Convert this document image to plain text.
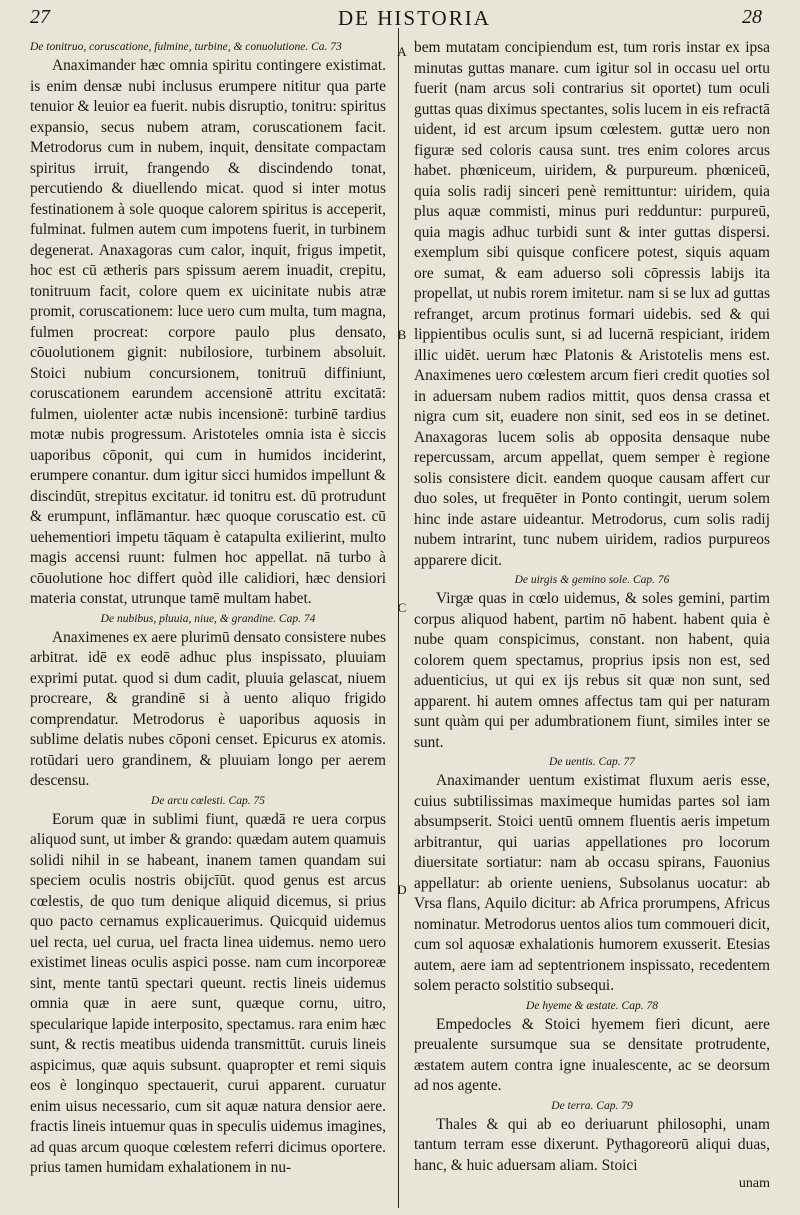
27	DE HISTORIA	28
A
B
C
D
De tonitruo, coruscatione, fulmine, turbine, & conuolutione. Ca. 73

Anaximander hæc omnia spiritu contingere existimat. is enim densæ nubi inclusus erumpere nititur qua parte tenuior & leuior ea fuerit. nubis disruptio, tonitru: spiritus expansio, secus nubem atram, coruscationem facit. Metrodorus cum in nubem, inquit, densitate compactam spiritus irruit, frangendo & discindendo tonat, percutiendo & diuellendo micat. quod si inter motus festinationem à sole quoque calorem spiritus is acceperit, fulminat. fulmen autem cum impotens fuerit, in turbinem degenerat. Anaxagoras cum calor, inquit, frigus impetit, hoc est cū ætheris pars spissum aerem inuadit, crepitu, tonitruum facit, colore quem ex uicinitate nubis atræ promit, coruscationem: luce uero cum multa, tum magna, fulmen procreat: corpore paulo plus densato, cōuolutionem gignit: nubilosiore, turbinem absoluit. Stoici nubium concursionem, tonitruū diffiniunt, coruscationem earundem accensionē attritu excitatā: fulmen, uiolenter actæ nubis incensionē: turbinē tardius motæ nubis progressum. Aristoteles omnia ista è siccis uaporibus cōponit, qui cum in humidos inciderint, erumpere conantur. dum igitur sicci humidos impellunt & discindūt, strepitus excitatur. id tonitru est. dū protrudunt & erumpunt, inflāmantur. hæc quoque coruscatio est. cū uehementiori impetu tāquam è catapulta exilierint, multo magis accensi ruunt: fulmen hoc appellat. nā turbo à cōuolutione hoc differt quòd ille calidiori, hæc densiori materia constat, utrunque tamē multam habet.

De nubibus, pluuia, niue, & grandine. Cap. 74

Anaximenes ex aere plurimū densato consistere nubes arbitrat. idē ex eodē adhuc plus inspissato, pluuiam exprimi putat. quod si dum cadit, pluuia gelascat, niuem procreare, & grandinē si à uento aliquo frigido comprendatur. Metrodorus è uaporibus aquosis in sublime delatis nubes cōponi censet. Epicurus ex atomis. rotūdari uero grandinem, & pluuiam longo per aerem descensu.

De arcu cœlesti. Cap. 75

Eorum quæ in sublimi fiunt, quædā re uera corpus aliquod sunt, ut imber & grando: quædam autem quamuis solidi nihil in se habeant, inanem tamen quandam sui speciem oculis nostris obijcīūt. quod genus est arcus cœlestis, de quo tum denique aliquid dicemus, si prius quo pacto cernamus explicauerimus. Quicquid uidemus uel recta, uel curua, uel fracta linea uidemus. nemo uero existimet lineas oculis aspici posse. nam cum incorporeæ sint, mente tantū spectari queunt. rectis lineis uidemus omnia quæ in aere sunt, quæque cornu, uitro, specularique lapide interposito, spectamus. rara enim hæc sunt, & rectis meatibus uidenda transmittūt. curuis lineis aspicimus, quæ aquis subsunt. quapropter et remi siquis eos è longinquo spectauerit, curui apparent. curuatur enim uisus necessario, cum sit aquæ natura densior aere. fractis lineis intuemur quas in speculis uidemus imagines, ad quas arcum quoque cœlestem referri dicimus oportere. prius tamen humidam exhalationem in nu-

bem mutatam concipiendum est, tum roris instar ex ipsa minutas guttas manare. cum igitur sol in occasu uel ortu fuerit (nam arcus soli contrarius sit oportet) tum oculi guttas quas diximus spectantes, solis lucem in eis refractā uident, id est arcum ipsum cœlestem. guttæ uero non figuræ sed coloris causa sunt. tres enim colores arcus habet. phœniceum, uiridem, & purpureum. phœniceū, quia solis radij sinceri penè remittuntur: uiridem, quia plus aquæ commisti, minus puri redduntur: purpureū, quia magis adhuc turbidi sunt & inter guttas dispersi. exemplum sibi quisque conficere potest, siquis aquam ore sumat, & eam aduerso soli cōpressis labijs ita propellat, ut nubis rorem imitetur. nam si se lux ad guttas refranget, arcum protinus formari uidebis. sed & qui lippientibus oculis sunt, si ad lucernā respiciant, iridem illic uidēt. uerum hæc Platonis & Aristotelis mens est. Anaximenes uero cœlestem arcum fieri credit quoties sol in aduersam nubem radios mittit, quos densa crassa et nigra cum sit, euadere non sinit, sed eos in se detinet. Anaxagoras lucem solis ab opposita densaque nube repercussam, arcum appellat, quem semper è regione solis consistere dicit. eandem quoque causam affert cur duo soles, ut frequēter in Ponto contingit, uerum solem hinc inde astare uideantur. Metrodorus, cum solis radij nubem intrarint, tunc nubem uiridem, radios purpureos apparere dicit.

De uirgis & gemino sole. Cap. 76

Virgæ quas in cœlo uidemus, & soles gemini, partim corpus aliquod habent, partim nō habent. habent quia è nube quam conspicimus, constant. non habent, quia colorem quem spectamus, proprius ipsis non est, sed aduenticius, ut qui ex ijs rebus sit quæ non sunt, sed apparent. hi autem omnes affectus tam qui per naturam sunt quàm qui per adumbrationem fiunt, similes inter se sunt.

De uentis. Cap. 77

Anaximander uentum existimat fluxum aeris esse, cuius subtilissimas maximeque humidas partes sol iam absumpserit. Stoici uentū omnem fluentis aeris impetum arbitrantur, qui uarias appellationes pro locorum diuersitate sortiatur: nam ab occasu spirans, Fauonius appellatur: ab oriente ueniens, Subsolanus uocatur: ab Vrsa flans, Aquilo dicitur: ab Africa prorumpens, Africus nominatur. Metrodorus uentos alios tum commoueri dicit, cum sol aquosæ exhalationis humorem exusserit. Etesias autem, aere iam ad septentrionem inspissato, recedentem solem peracto solstitio subsequi.

De hyeme & æstate. Cap. 78

Empedocles & Stoici hyemem fieri dicunt, aere preualente sursumque sua se densitate protrudente, æstatem autem contra igne inualescente, ac se deorsum ad nos agente.

De terra. Cap. 79

Thales & qui ab eo deriuarunt philosophi, unam tantum terram esse dixerunt. Pythagoreorū aliqui duas, hanc, & huic aduersam aliam. Stoici

unam
